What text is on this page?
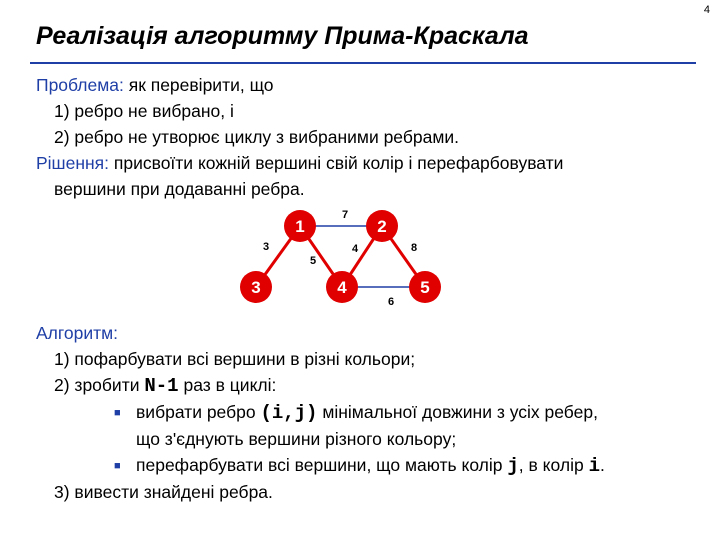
4
Реалізація алгоритму Прима-Краскала
Проблема: як перевірити, що
1) ребро не вибрано, і
2) ребро не утворює циклу з вибраними ребрами.
Рішення: присвоїти кожній вершині свій колір і перефарбовувати
вершини при додаванні ребра.
7
3
5
4	8
6
1	2
3	4	5
Алгоритм:
1) пофарбувати всі вершини в різні кольори;
2) зробити N-1 раз в циклі:
■ вибрати ребро (i,j) мінімальної довжини з усіх ребер,
що з'єднують вершини різного кольору;
■ перефарбувати всі вершини, що мають колір j, в колір i.
3) вивести знайдені ребра.
